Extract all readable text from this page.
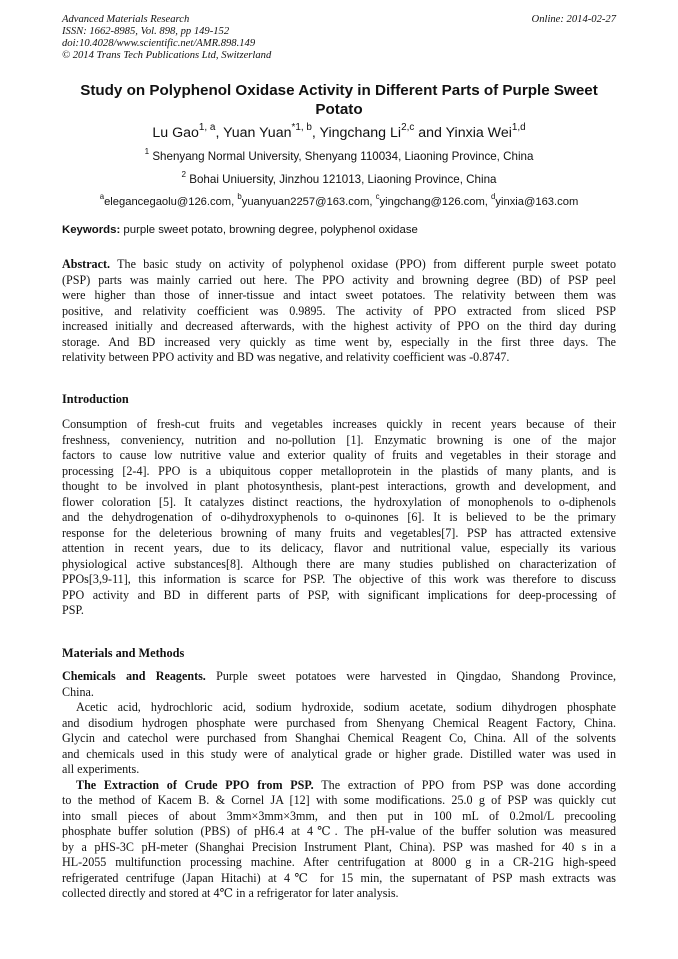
Advanced Materials Research
ISSN: 1662-8985, Vol. 898, pp 149-152
doi:10.4028/www.scientific.net/AMR.898.149
© 2014 Trans Tech Publications Ltd, Switzerland
Online: 2014-02-27
Study on Polyphenol Oxidase Activity in Different Parts of Purple Sweet
Potato
Lu Gao$^{1, a}$, Yuan Yuan$^{*1, b}$, Yingchang Li$^{2,c}$ and Yinxia Wei$^{1,d}$
$^1$ Shenyang Normal University, Shenyang 110034, Liaoning Province, China
$^2$ Bohai Uniuersity, Jinzhou 121013, Liaoning Province, China
$^a$elegancegaolu@126.com, $^b$yuanyuan2257@163.com, $^c$yingchang@126.com, $^d$yinxia@163.com
Keywords: purple sweet potato, browning degree, polyphenol oxidase
Abstract. The basic study on activity of polyphenol oxidase (PPO) from different purple sweet potato
(PSP) parts was mainly carried out here. The PPO activity and browning degree (BD) of PSP peel
were higher than those of inner-tissue and intact sweet potatoes. The relativity between them was
positive, and relativity coefficient was 0.9895. The activity of PPO extracted from sliced PSP
increased initially and decreased afterwards, with the highest activity of PPO on the third day during
storage. And BD increased very quickly as time went by, especially in the first three days. The
relativity between PPO activity and BD was negative, and relativity coefficient was -0.8747.
Introduction
Consumption of fresh-cut fruits and vegetables increases quickly in recent years because of their
freshness, conveniency, nutrition and no-pollution [1]. Enzymatic browning is one of the major
factors to cause low nutritive value and exterior quality of fruits and vegetables in their storage and
processing [2-4]. PPO is a ubiquitous copper metalloprotein in the plastids of many plants, and is
thought to be involved in plant photosynthesis, plant-pest interactions, growth and development, and
flower coloration [5]. It catalyzes distinct reactions, the hydroxylation of monophenols to o-diphenols
and the dehydrogenation of o-dihydroxyphenols to o-quinones [6]. It is believed to be the primary
response for the deleterious browning of many fruits and vegetables[7]. PSP has attracted extensive
attention in recent years, due to its delicacy, flavor and nutritional value, especially its various
physiological active substances[8]. Although there are many studies published on characterization of
PPOs[3,9-11], this information is scarce for PSP. The objective of this work was therefore to discuss
PPO activity and BD in different parts of PSP, with significant implications for deep-processing of
PSP.
Materials and Methods
Chemicals and Reagents. Purple sweet potatoes were harvested in Qingdao, Shandong Province,
China.
Acetic acid, hydrochloric acid, sodium hydroxide, sodium acetate, sodium dihydrogen phosphate
and disodium hydrogen phosphate were purchased from Shenyang Chemical Reagent Factory, China.
Glycin and catechol were purchased from Shanghai Chemical Reagent Co, China. All of the solvents
and chemicals used in this study were of analytical grade or higher grade. Distilled water was used in
all experiments.
The Extraction of Crude PPO from PSP. The extraction of PPO from PSP was done according
to the method of Kacem B. & Cornel JA [12] with some modifications. 25.0 g of PSP was quickly cut
into small pieces of about 3mm×3mm×3mm, and then put in 100 mL of 0.2mol/L precooling
phosphate buffer solution (PBS) of pH6.4 at 4℃. The pH-value of the buffer solution was measured
by a pHS-3C pH-meter (Shanghai Precision Instrument Plant, China). PSP was mashed for 40 s in a
HL-2055 multifunction processing machine. After centrifugation at 8000 g in a CR-21G high-speed
refrigerated centrifuge (Japan Hitachi) at 4℃ for 15 min, the supernatant of PSP mash extracts was
collected directly and stored at 4℃ in a refrigerator for later analysis.
